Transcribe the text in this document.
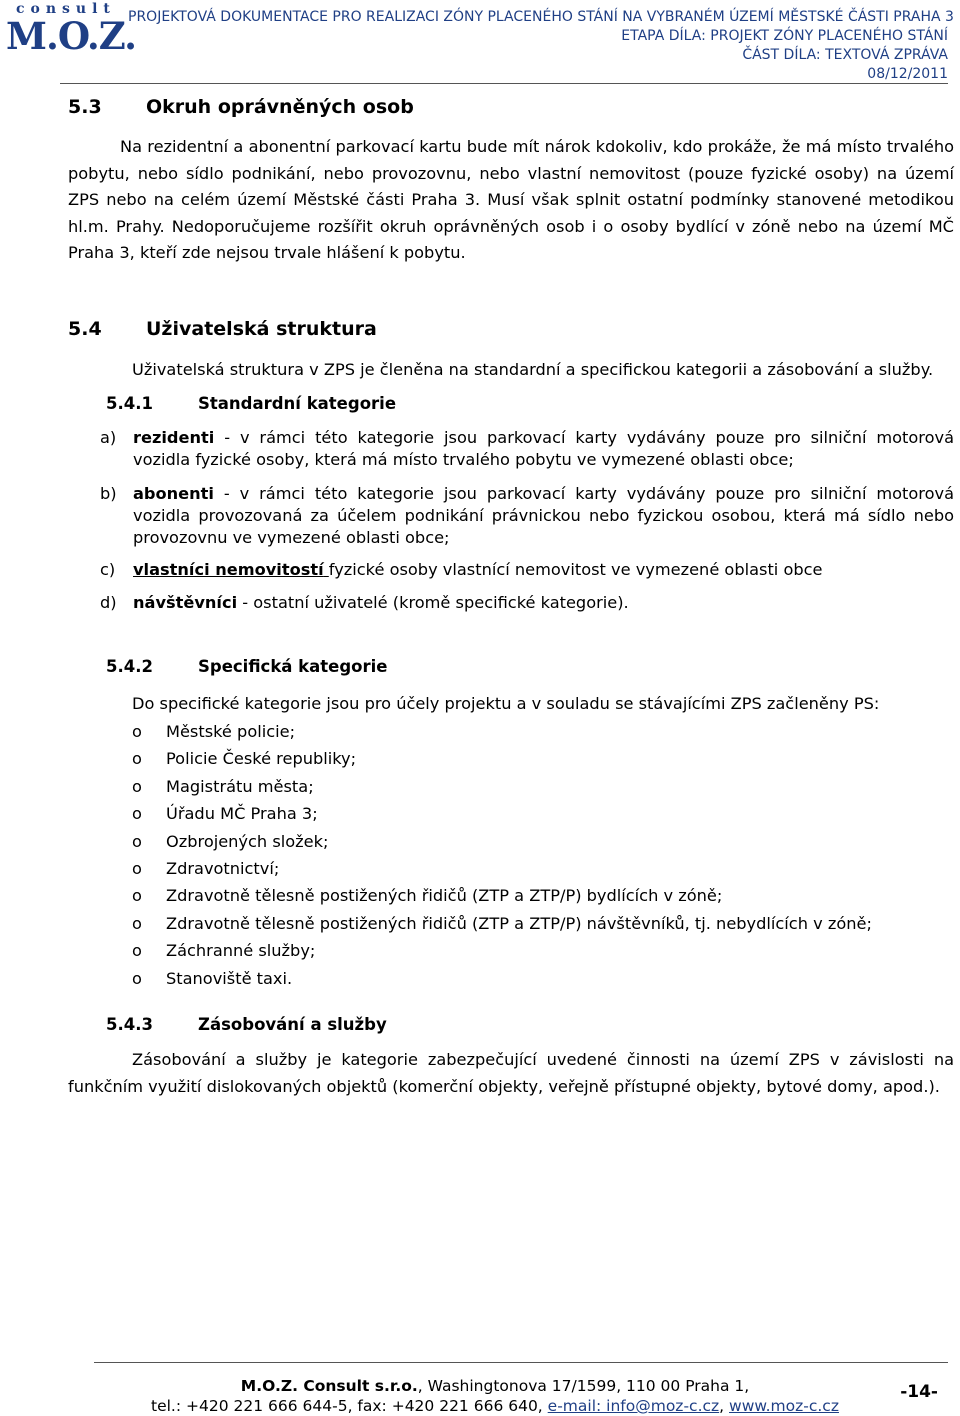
consult
M.O.Z.
PROJEKTOVÁ DOKUMENTACE PRO REALIZACI ZÓNY PLACENÉHO STÁNÍ NA VYBRANÉM ÚZEMÍ MĚSTSKÉ ČÁSTI PRAHA 3
ETAPA DÍLA: PROJEKT ZÓNY PLACENÉHO STÁNÍ
ČÁST DÍLA: TEXTOVÁ ZPRÁVA
08/12/2011
5.3 Okruh oprávněných osob
Na rezidentní a abonentní parkovací kartu bude mít nárok kdokoliv, kdo prokáže, že má místo trvalého pobytu, nebo sídlo podnikání, nebo provozovnu, nebo vlastní nemovitost (pouze fyzické osoby) na území ZPS nebo na celém území Městské části Praha 3. Musí však splnit ostatní podmínky stanovené metodikou hl.m. Prahy. Nedoporučujeme rozšířit okruh oprávněných osob i o osoby bydlící v zóně nebo na území MČ Praha 3, kteří zde nejsou trvale hlášení k pobytu.
5.4 Uživatelská struktura
Uživatelská struktura v ZPS je členěna na standardní a specifickou kategorii a zásobování a služby.
5.4.1	Standardní kategorie
a) rezidenti - v rámci této kategorie jsou parkovací karty vydávány pouze pro silniční motorová vozidla fyzické osoby, která má místo trvalého pobytu ve vymezené oblasti obce;
b) abonenti - v rámci této kategorie jsou parkovací karty vydávány pouze pro silniční motorová vozidla provozovaná za účelem podnikání právnickou nebo fyzickou osobou, která má sídlo nebo provozovnu ve vymezené oblasti obce;
c) vlastníci nemovitostí fyzické osoby vlastnící nemovitost ve vymezené oblasti obce
d) návštěvníci - ostatní uživatelé (kromě specifické kategorie).
5.4.2	Specifická kategorie
Do specifické kategorie jsou pro účely projektu a v souladu se stávajícími ZPS začleněny PS:
o Městské policie;
o Policie České republiky;
o Magistrátu města;
o Úřadu MČ Praha 3;
o Ozbrojených složek;
o Zdravotnictví;
o Zdravotně tělesně postižených řidičů (ZTP a ZTP/P) bydlících v zóně;
o Zdravotně tělesně postižených řidičů (ZTP a ZTP/P) návštěvníků, tj. nebydlících v zóně;
o Záchranné služby;
o Stanoviště taxi.
5.4.3	Zásobování a služby
Zásobování a služby je kategorie zabezpečující uvedené činnosti na území ZPS v závislosti na funkčním využití dislokovaných objektů (komerční objekty, veřejně přístupné objekty, bytové domy, apod.).
M.O.Z. Consult s.r.o., Washingtonova 17/1599, 110 00 Praha 1,
tel.: +420 221 666 644-5, fax: +420 221 666 640, e-mail: info@moz-c.cz, www.moz-c.cz
-14-
